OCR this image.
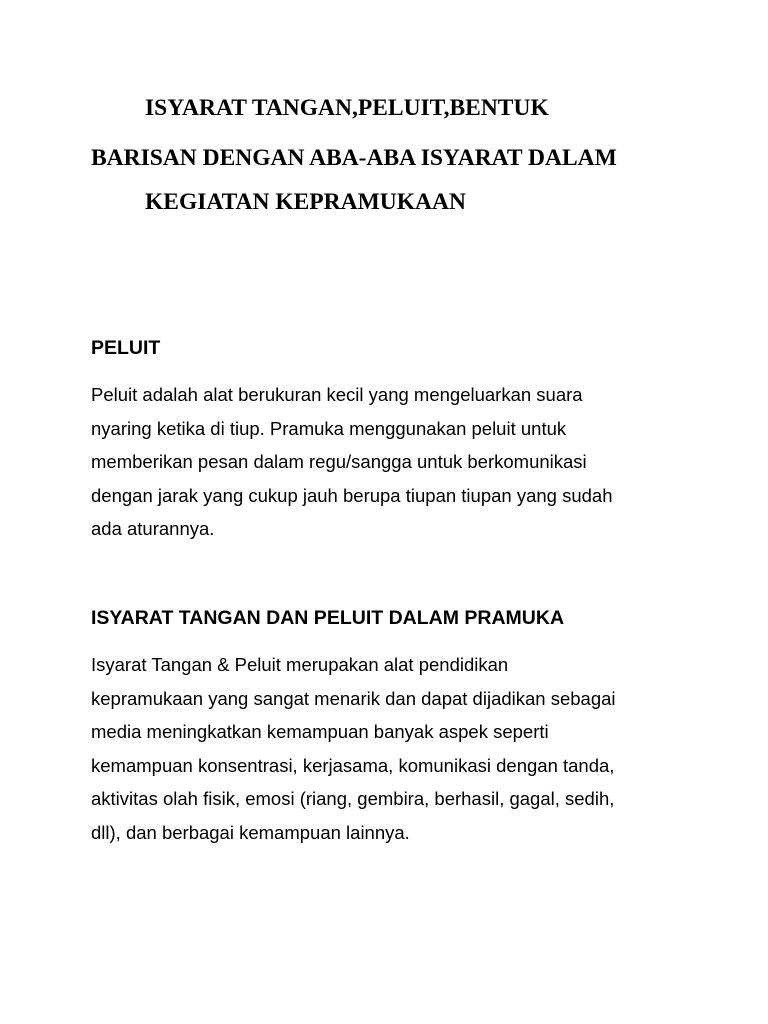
ISYARAT TANGAN,PELUIT,BENTUK

BARISAN DENGAN ABA-ABA ISYARAT DALAM

KEGIATAN KEPRAMUKAAN

PELUIT

Peluit adalah alat berukuran kecil yang mengeluarkan suara
nyaring ketika di tiup. Pramuka menggunakan peluit untuk
memberikan pesan dalam regu/sangga untuk berkomunikasi
dengan jarak yang cukup jauh berupa tiupan tiupan yang sudah
ada aturannya.

ISYARAT TANGAN DAN PELUIT DALAM PRAMUKA

Isyarat Tangan & Peluit merupakan alat pendidikan
kepramukaan yang sangat menarik dan dapat dijadikan sebagai
media meningkatkan kemampuan banyak aspek seperti
kemampuan konsentrasi, kerjasama, komunikasi dengan tanda,
aktivitas olah fisik, emosi (riang, gembira, berhasil, gagal, sedih,
dll), dan berbagai kemampuan lainnya.
